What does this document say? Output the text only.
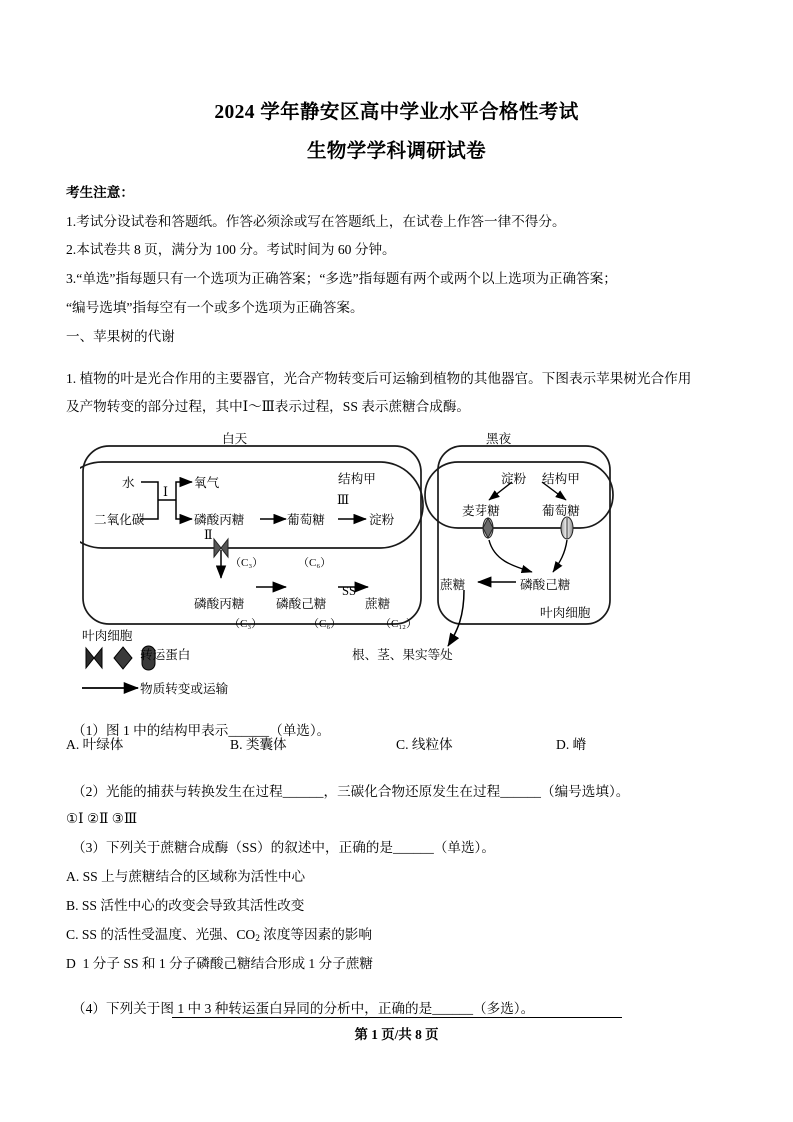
2024 学年静安区高中学业水平合格性考试
生物学学科调研试卷
考生注意：
1.考试分设试卷和答题纸。作答必须涂或写在答题纸上，在试卷上作答一律不得分。
2.本试卷共 8 页，满分为 100 分。考试时间为 60 分钟。
3.“单选”指每题只有一个选项为正确答案；“多选”指每题有两个或两个以上选项为正确答案；
“编号选填”指每空有一个或多个选项为正确答案。
一、苹果树的代谢
1. 植物的叶是光合作用的主要器官，光合产物转变后可运输到植物的其他器官。下图表示苹果树光合作用
及产物转变的部分过程，其中Ⅰ～Ⅲ表示过程，SS 表示蔗糖合成酶。
白天	黑夜
水	氧气
二氧化碳	磷酸丙糖	葡萄糖	淀粉
结构甲
Ⅰ
Ⅱ
Ⅲ
（C₃）	（C₆）
磷酸丙糖	磷酸己糖
SS
蔗糖
（C₃）	（C₆）	（C₁₂）
叶肉细胞
淀粉 结构甲
麦芽糖	葡萄糖
蔗糖	磷酸己糖
叶肉细胞
转运蛋白
物质转变或运输
根、茎、果实等处
（1）图 1 中的结构甲表示______（单选）。
A. 叶绿体	B. 类囊体	C. 线粒体	D. 嵴
（2）光能的捕获与转换发生在过程______，三碳化合物还原发生在过程______（编号选填）。
①Ⅰ ②Ⅱ ③Ⅲ
（3）下列关于蔗糖合成酶（SS）的叙述中，正确的是______（单选）。
A. SS 上与蔗糖结合的区域称为活性中心
B. SS 活性中心的改变会导致其活性改变
C. SS 的活性受温度、光强、$CO_2$ 浓度等因素的影响
D  1 分子 SS 和 1 分子磷酸己糖结合形成 1 分子蔗糖
（4）下列关于图 1 中 3 种转运蛋白异同的分析中，正确的是______（多选）。
第 1 页/共 8 页
